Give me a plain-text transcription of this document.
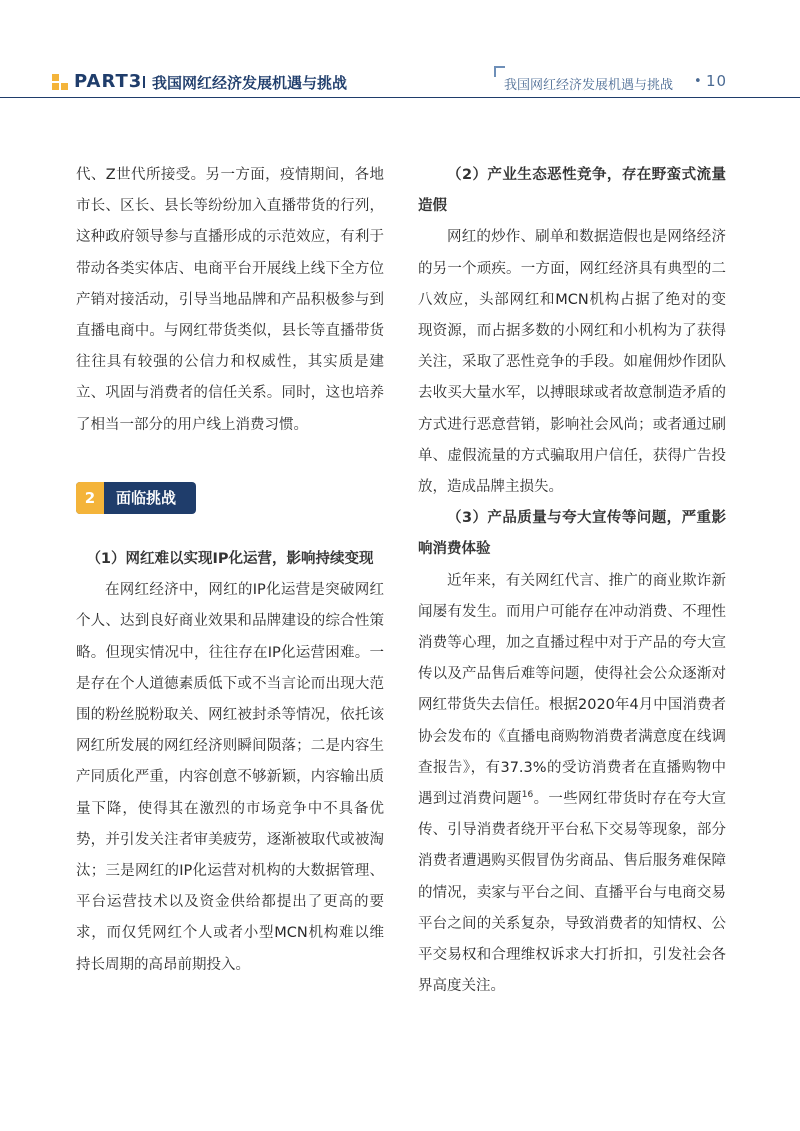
PART3 我国网红经济发展机遇与挑战	我国网红经济发展机遇与挑战 • 10

代、Z世代所接受。另一方面，疫情期间，各地市长、区长、县长等纷纷加入直播带货的行列，这种政府领导参与直播形成的示范效应，有利于带动各类实体店、电商平台开展线上线下全方位产销对接活动，引导当地品牌和产品积极参与到直播电商中。与网红带货类似，县长等直播带货往往具有较强的公信力和权威性，其实质是建立、巩固与消费者的信任关系。同时，这也培养了相当一部分的用户线上消费习惯。

2	面临挑战

（1）网红难以实现IP化运营，影响持续变现

在网红经济中，网红的IP化运营是突破网红个人、达到良好商业效果和品牌建设的综合性策略。但现实情况中，往往存在IP化运营困难。一是存在个人道德素质低下或不当言论而出现大范围的粉丝脱粉取关、网红被封杀等情况，依托该网红所发展的网红经济则瞬间陨落；二是内容生产同质化严重，内容创意不够新颖，内容输出质量下降，使得其在激烈的市场竞争中不具备优势，并引发关注者审美疲劳，逐渐被取代或被淘汰；三是网红的IP化运营对机构的大数据管理、平台运营技术以及资金供给都提出了更高的要求，而仅凭网红个人或者小型MCN机构难以维持长周期的高昂前期投入。

（2）产业生态恶性竞争，存在野蛮式流量造假

网红的炒作、刷单和数据造假也是网络经济的另一个顽疾。一方面，网红经济具有典型的二八效应，头部网红和MCN机构占据了绝对的变现资源，而占据多数的小网红和小机构为了获得关注，采取了恶性竞争的手段。如雇佣炒作团队去收买大量水军，以搏眼球或者故意制造矛盾的方式进行恶意营销，影响社会风尚；或者通过刷单、虚假流量的方式骗取用户信任，获得广告投放，造成品牌主损失。

（3）产品质量与夸大宣传等问题，严重影响消费体验

近年来，有关网红代言、推广的商业欺诈新闻屡有发生。而用户可能存在冲动消费、不理性消费等心理，加之直播过程中对于产品的夸大宣传以及产品售后难等问题，使得社会公众逐渐对网红带货失去信任。根据2020年4月中国消费者协会发布的《直播电商购物消费者满意度在线调查报告》，有37.3%的受访消费者在直播购物中遇到过消费问题$^{16}$。一些网红带货时存在夸大宣传、引导消费者绕开平台私下交易等现象，部分消费者遭遇购买假冒伪劣商品、售后服务难保障的情况，卖家与平台之间、直播平台与电商交易平台之间的关系复杂，导致消费者的知情权、公平交易权和合理维权诉求大打折扣，引发社会各界高度关注。
